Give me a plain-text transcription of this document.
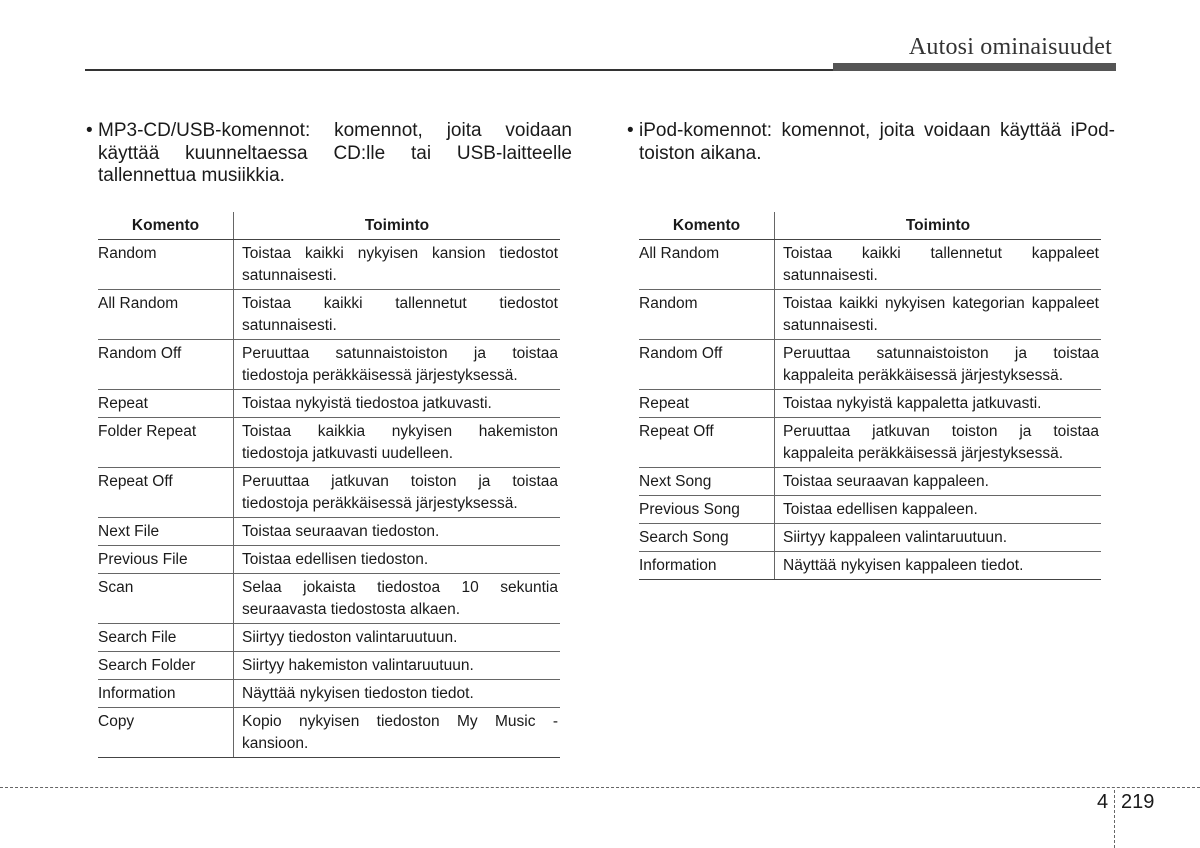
Autosi ominaisuudet

• MP3-CD/USB-komennot: komennot, joita voidaan käyttää kuunneltaessa CD:lle tai USB-laitteelle tallennettua musiikkia.

Komento	Toiminto
Random	Toistaa kaikki nykyisen kansion tiedostot satunnaisesti.
All Random	Toistaa kaikki tallennetut tiedostot satunnaisesti.
Random Off	Peruuttaa satunnaistoiston ja toistaa tiedostoja peräkkäisessä järjestyksessä.
Repeat	Toistaa nykyistä tiedostoa jatkuvasti.
Folder Repeat	Toistaa kaikkia nykyisen hakemiston tiedostoja jatkuvasti uudelleen.
Repeat Off	Peruuttaa jatkuvan toiston ja toistaa tiedostoja peräkkäisessä järjestyksessä.
Next File	Toistaa seuraavan tiedoston.
Previous File	Toistaa edellisen tiedoston.
Scan	Selaa jokaista tiedostoa 10 sekuntia seuraavasta tiedostosta alkaen.
Search File	Siirtyy tiedoston valintaruutuun.
Search Folder	Siirtyy hakemiston valintaruutuun.
Information	Näyttää nykyisen tiedoston tiedot.
Copy	Kopio nykyisen tiedoston My Music -kansioon.

• iPod-komennot: komennot, joita voidaan käyttää iPod-toiston aikana.

Komento	Toiminto
All Random	Toistaa kaikki tallennetut kappaleet satunnaisesti.
Random	Toistaa kaikki nykyisen kategorian kappaleet satunnaisesti.
Random Off	Peruuttaa satunnaistoiston ja toistaa kappaleita peräkkäisessä järjestyksessä.
Repeat	Toistaa nykyistä kappaletta jatkuvasti.
Repeat Off	Peruuttaa jatkuvan toiston ja toistaa kappaleita peräkkäisessä järjestyksessä.
Next Song	Toistaa seuraavan kappaleen.
Previous Song	Toistaa edellisen kappaleen.
Search Song	Siirtyy kappaleen valintaruutuun.
Information	Näyttää nykyisen kappaleen tiedot.
4 219
